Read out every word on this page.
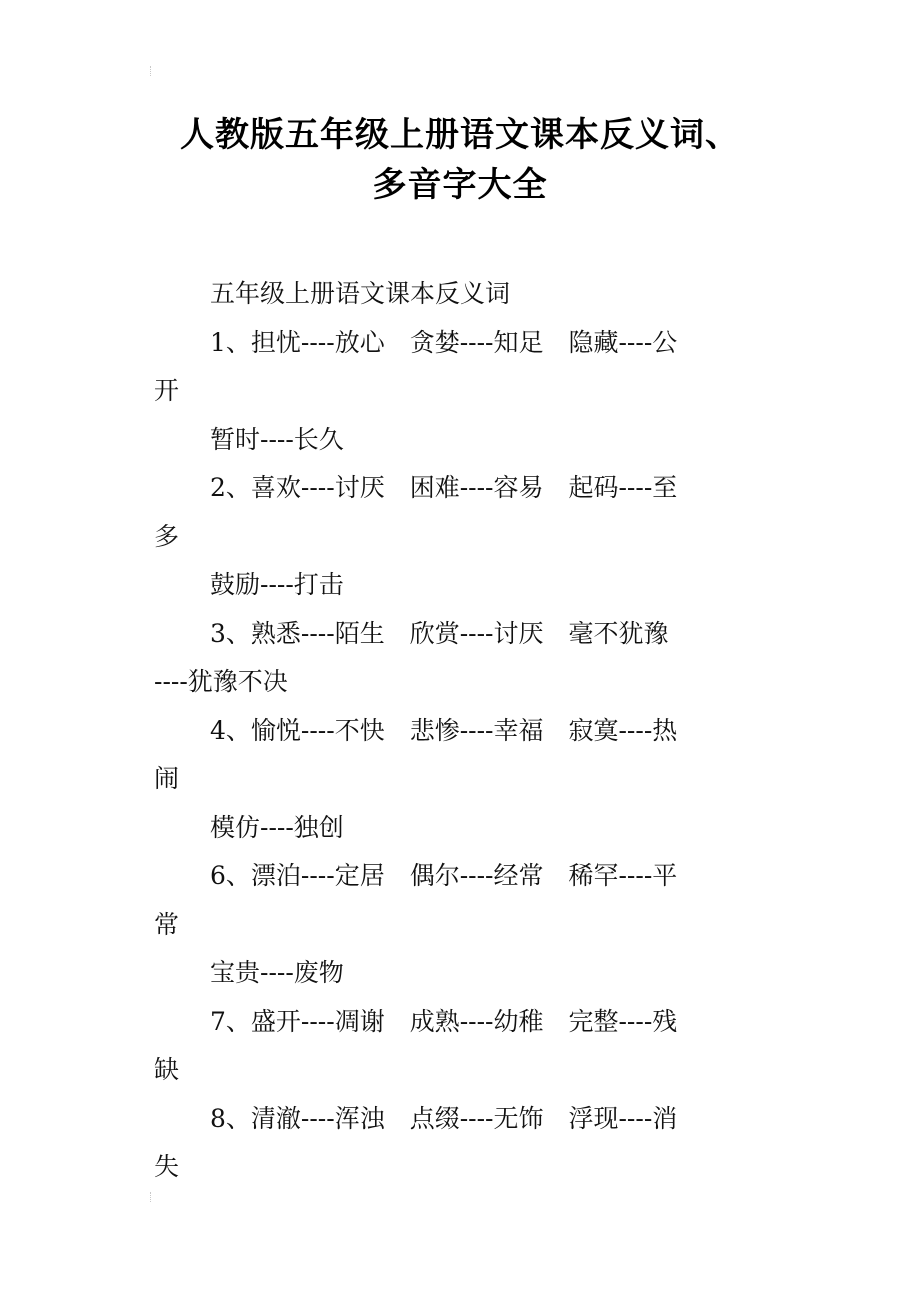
人教版五年级上册语文课本反义词、
多音字大全
五年级上册语文课本反义词
1、担忧----放心　贪婪----知足　隐藏----公
开
暂时----长久
2、喜欢----讨厌　困难----容易　起码----至
多
鼓励----打击
3、熟悉----陌生　欣赏----讨厌　毫不犹豫
----犹豫不决
4、愉悦----不快　悲惨----幸福　寂寞----热
闹
模仿----独创
6、漂泊----定居　偶尔----经常　稀罕----平
常
宝贵----废物
7、盛开----凋谢　成熟----幼稚　完整----残
缺
8、清澈----浑浊　点缀----无饰　浮现----消
失
